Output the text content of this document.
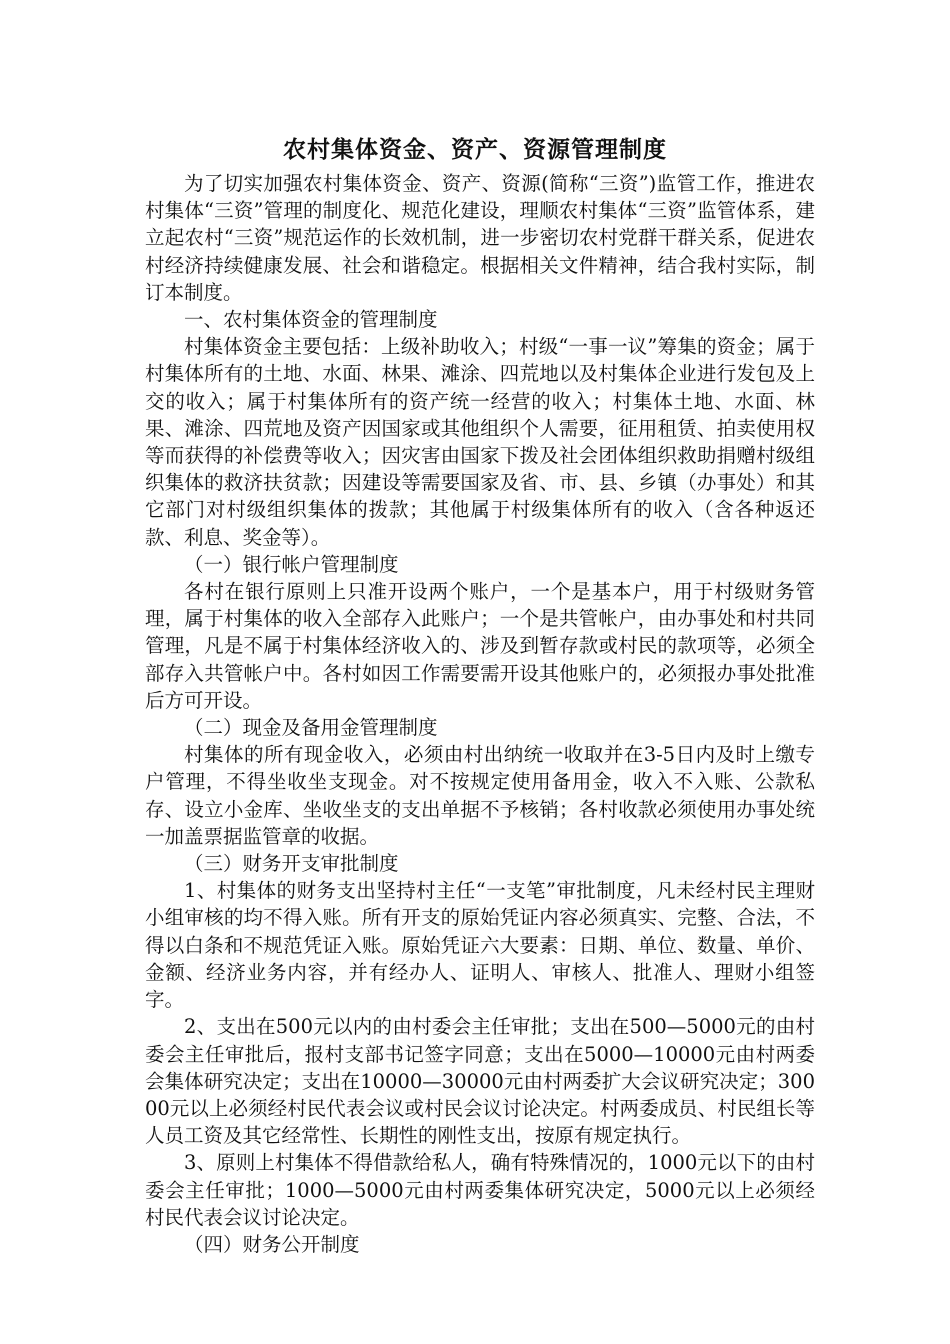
农村集体资金、资产、资源管理制度

为了切实加强农村集体资金、资产、资源(简称“三资”)监管工作，推进农村集体“三资”管理的制度化、规范化建设，理顺农村集体“三资”监管体系，建立起农村“三资”规范运作的长效机制，进一步密切农村党群干群关系，促进农村经济持续健康发展、社会和谐稳定。根据相关文件精神，结合我村实际，制订本制度。

一、农村集体资金的管理制度

村集体资金主要包括：上级补助收入；村级“一事一议”筹集的资金；属于村集体所有的土地、水面、林果、滩涂、四荒地以及村集体企业进行发包及上交的收入；属于村集体所有的资产统一经营的收入；村集体土地、水面、林果、滩涂、四荒地及资产因国家或其他组织个人需要，征用租赁、拍卖使用权等而获得的补偿费等收入；因灾害由国家下拨及社会团体组织救助捐赠村级组织集体的救济扶贫款；因建设等需要国家及省、市、县、乡镇（办事处）和其它部门对村级组织集体的拨款；其他属于村级集体所有的收入（含各种返还款、利息、奖金等）。

（一）银行帐户管理制度

各村在银行原则上只准开设两个账户，一个是基本户，用于村级财务管理，属于村集体的收入全部存入此账户；一个是共管帐户，由办事处和村共同管理，凡是不属于村集体经济收入的、涉及到暂存款或村民的款项等，必须全部存入共管帐户中。各村如因工作需要需开设其他账户的，必须报办事处批准后方可开设。

（二）现金及备用金管理制度

村集体的所有现金收入，必须由村出纳统一收取并在3-5日内及时上缴专户管理，不得坐收坐支现金。对不按规定使用备用金，收入不入账、公款私存、设立小金库、坐收坐支的支出单据不予核销；各村收款必须使用办事处统一加盖票据监管章的收据。

（三）财务开支审批制度

1、村集体的财务支出坚持村主任“一支笔”审批制度，凡未经村民主理财小组审核的均不得入账。所有开支的原始凭证内容必须真实、完整、合法，不得以白条和不规范凭证入账。原始凭证六大要素：日期、单位、数量、单价、金额、经济业务内容，并有经办人、证明人、审核人、批准人、理财小组签字。

2、支出在500元以内的由村委会主任审批；支出在500—5000元的由村委会主任审批后，报村支部书记签字同意；支出在5000—10000元由村两委会集体研究决定；支出在10000—30000元由村两委扩大会议研究决定；30000元以上必须经村民代表会议或村民会议讨论决定。村两委成员、村民组长等人员工资及其它经常性、长期性的刚性支出，按原有规定执行。

3、原则上村集体不得借款给私人，确有特殊情况的，1000元以下的由村委会主任审批；1000—5000元由村两委集体研究决定，5000元以上必须经村民代表会议讨论决定。

（四）财务公开制度
